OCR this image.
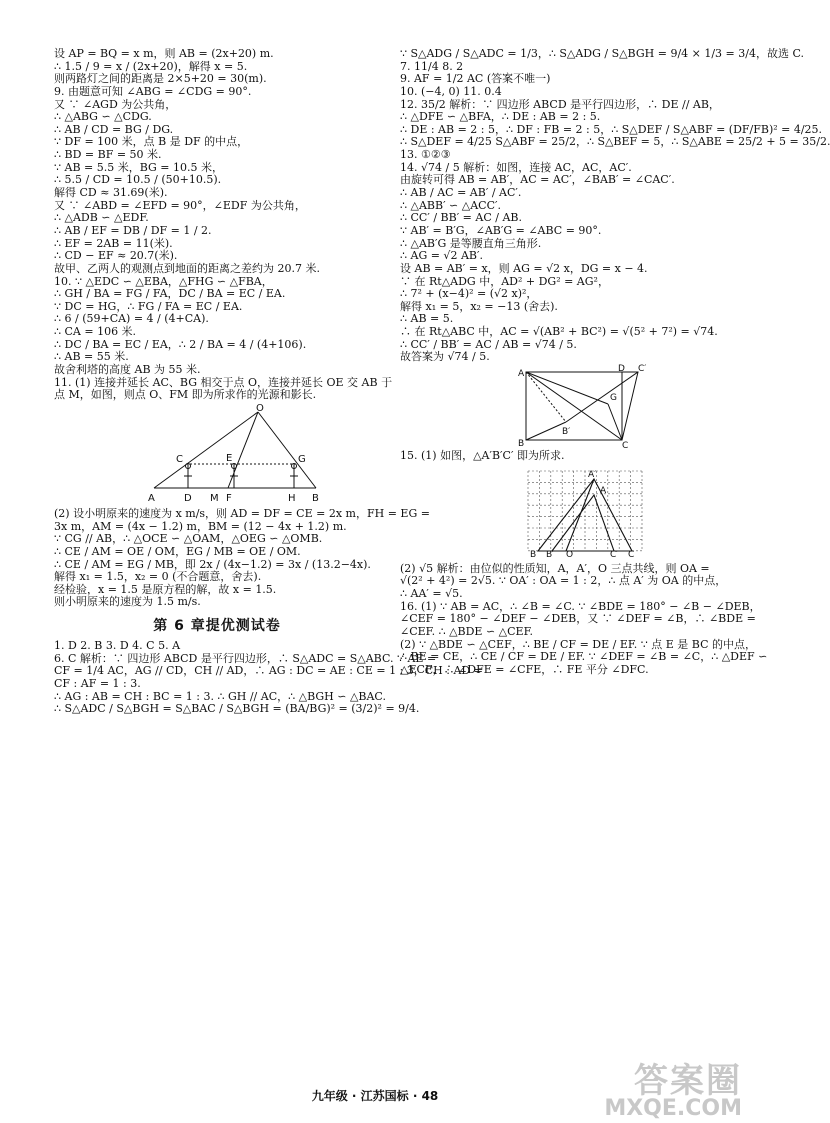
设 AP = BQ = x m，则 AB = (2x+20) m.

∴ 1.5 / 9 = x / (2x+20)，解得 x = 5.

则两路灯之间的距离是 2×5+20 = 30(m).

9. 由题意可知 ∠ABG = ∠CDG = 90°.

又 ∵ ∠AGD 为公共角，

∴ △ABG ∽ △CDG.

∴ AB / CD = BG / DG.

∵ DF = 100 米，点 B 是 DF 的中点，

∴ BD = BF = 50 米.

∵ AB = 5.5 米，BG = 10.5 米，

∴ 5.5 / CD = 10.5 / (50+10.5).

解得 CD ≈ 31.69(米).

又 ∵ ∠ABD = ∠EFD = 90°，∠EDF 为公共角，

∴ △ADB ∽ △EDF.

∴ AB / EF = DB / DF = 1 / 2.

∴ EF = 2AB = 11(米).

∴ CD − EF ≈ 20.7(米).

故甲、乙两人的观测点到地面的距离之差约为 20.7 米.

10. ∵ △EDC ∽ △EBA，△FHG ∽ △FBA，

∴ GH / BA = FG / FA，DC / BA = EC / EA.

∵ DC = HG，∴ FG / FA = EC / EA.

∴ 6 / (59+CA) = 4 / (4+CA).

∴ CA = 106 米.

∴ DC / BA = EC / EA，∴ 2 / BA = 4 / (4+106).

∴ AB = 55 米.

故舍利塔的高度 AB 为 55 米.

11. (1) 连接并延长 AC、BG 相交于点 O，连接并延长 OE 交 AB 于

点 M，如图，则点 O、FM 即为所求作的光源和影长.

O
C	E	G
A	D M F	H B

(2) 设小明原来的速度为 x m/s，则 AD = DF = CE = 2x m，FH = EG =

3x m，AM = (4x − 1.2) m，BM = (12 − 4x + 1.2) m.

∵ CG // AB，∴ △OCE ∽ △OAM，△OEG ∽ △OMB.

∴ CE / AM = OE / OM，EG / MB = OE / OM.

∴ CE / AM = EG / MB，即 2x / (4x−1.2) = 3x / (13.2−4x).

解得 x₁ = 1.5，x₂ = 0 (不合题意，舍去).

经检验，x = 1.5 是原方程的解，故 x = 1.5.

则小明原来的速度为 1.5 m/s.

第 6 章提优测试卷

1. D 2. B 3. D 4. C 5. A

6. C 解析：∵ 四边形 ABCD 是平行四边形，∴ S△ADC = S△ABC. ∵ AE =

CF = 1/4 AC，AG // CD，CH // AD，∴ AG : DC = AE : CE = 1 : 3，CH : AD =

CF : AF = 1 : 3.

∴ AG : AB = CH : BC = 1 : 3. ∴ GH // AC，∴ △BGH ∽ △BAC.

∴ S△ADC / S△BGH = S△BAC / S△BGH = (BA/BG)² = (3/2)² = 9/4.

∵ S△ADG / S△ADC = 1/3，∴ S△ADG / S△BGH = 9/4 × 1/3 = 3/4，故选 C.

7. 11/4 8. 2

9. AF = 1/2 AC (答案不唯一)

10. (−4, 0) 11. 0.4

12. 35/2 解析：∵ 四边形 ABCD 是平行四边形，∴ DE // AB，

∴ △DFE ∽ △BFA，∴ DE : AB = 2 : 5.

∴ DE : AB = 2 : 5，∴ DF : FB = 2 : 5，∴ S△DEF / S△ABF = (DF/FB)² = 4/25.

∴ S△DEF = 4/25 S△ABF = 25/2，∴ S△BEF = 5，∴ S△ABE = 25/2 + 5 = 35/2.

13. ①②③

14. √74 / 5 解析：如图，连接 AC，AC，AC′.

由旋转可得 AB = AB′，AC = AC′，∠BAB′ = ∠CAC′.

∴ AB / AC = AB′ / AC′.

∴ △ABB′ ∽ △ACC′.

∴ CC′ / BB′ = AC / AB.

∵ AB′ = B′G，∠AB′G = ∠ABC = 90°.

∴ △AB′G 是等腰直角三角形.

∴ AG = √2 AB′.

设 AB = AB′ = x，则 AG = √2 x，DG = x − 4.

∵ 在 Rt△ADG 中，AD² + DG² = AG²，

∴ 7² + (x−4)² = (√2 x)²，

解得 x₁ = 5，x₂ = −13 (舍去).

∴ AB = 5.

∴ 在 Rt△ABC 中，AC = √(AB² + BC²) = √(5² + 7²) = √74.

∴ CC′ / BB′ = AC / AB = √74 / 5.

故答案为 √74 / 5.

A	D C′
G
B′
B	C

15. (1) 如图，△A′B′C′ 即为所求.

A′
B B′ O	C′ C
A

(2) √5 解析：由位似的性质知，A，A′，O 三点共线，则 OA =

√(2² + 4²) = 2√5. ∵ OA′ : OA = 1 : 2，∴ 点 A′ 为 OA 的中点，

∴ AA′ = √5.

16. (1) ∵ AB = AC，∴ ∠B = ∠C. ∵ ∠BDE = 180° − ∠B − ∠DEB，

∠CEF = 180° − ∠DEF − ∠DEB，又 ∵ ∠DEF = ∠B，∴ ∠BDE =

∠CEF. ∴ △BDE ∽ △CEF.

(2) ∵ △BDE ∽ △CEF，∴ BE / CF = DE / EF. ∵ 点 E 是 BC 的中点，

∴ BE = CE，∴ CE / CF = DE / EF. ∵ ∠DEF = ∠B = ∠C，∴ △DEF ∽

△ECF，∴ ∠DFE = ∠CFE，∴ FE 平分 ∠DFC.

九年级 · 江苏国标 · 48	答案圈
MXQE.COM
